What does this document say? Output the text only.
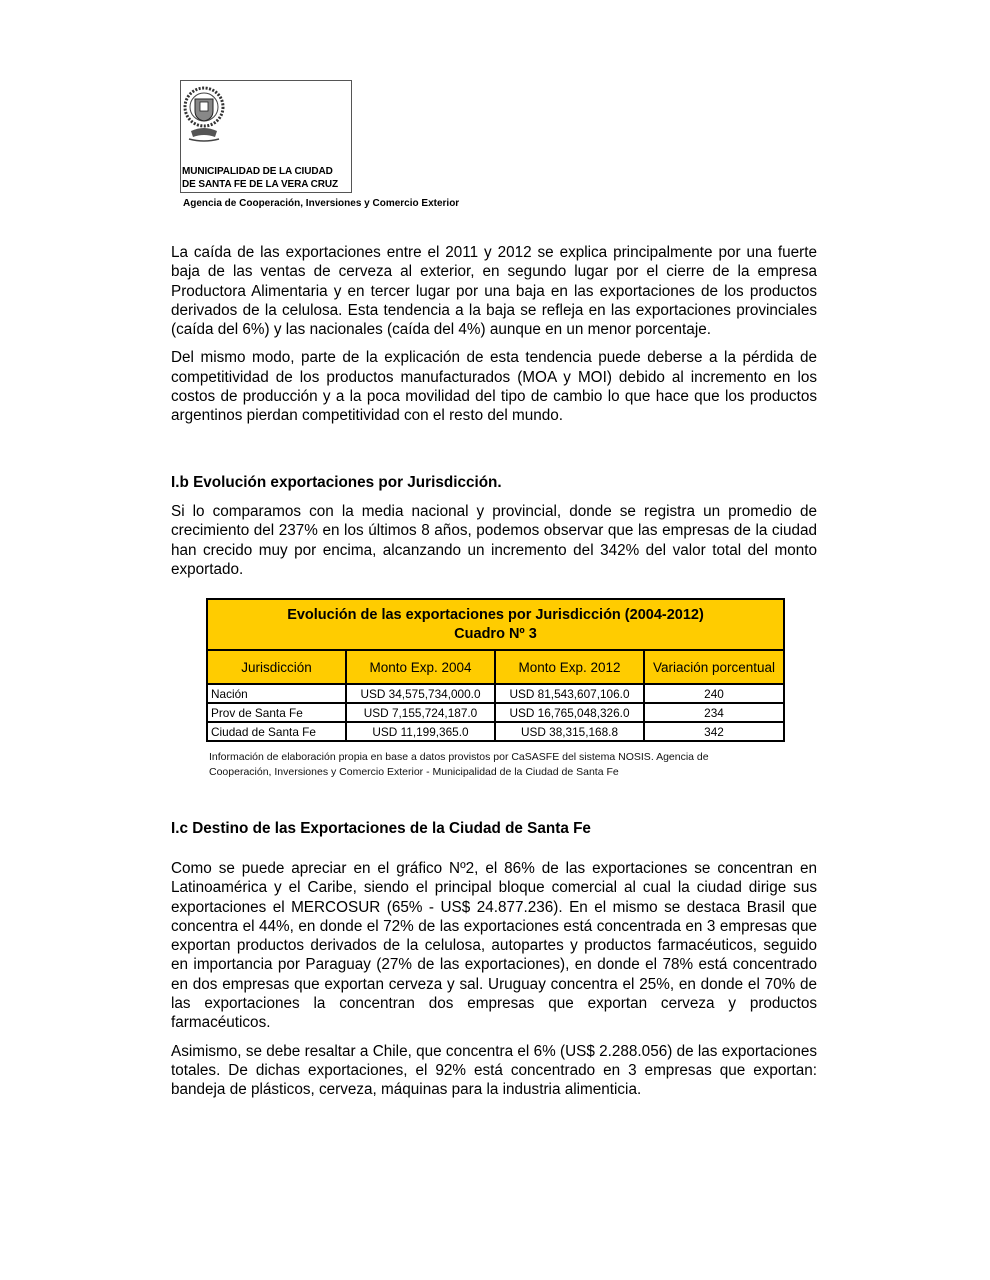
MUNICIPALIDAD DE LA CIUDAD
DE SANTA FE DE LA VERA CRUZ
Agencia de Cooperación, Inversiones y Comercio Exterior

La caída de las exportaciones entre el 2011 y 2012 se explica principalmente por una fuerte baja de las ventas de cerveza al exterior, en segundo lugar por el cierre de la empresa Productora Alimentaria y en tercer lugar por una baja en las exportaciones de los productos derivados de la celulosa. Esta tendencia a la baja se refleja en las exportaciones provinciales (caída del 6%) y las nacionales (caída del 4%) aunque en un menor porcentaje.

Del mismo modo, parte de la explicación de esta tendencia puede deberse a la pérdida de competitividad de los productos manufacturados (MOA y MOI) debido al incremento en los costos de producción y a la poca movilidad del tipo de cambio lo que hace que los productos argentinos pierdan competitividad con el resto del mundo.

I.b Evolución exportaciones por Jurisdicción.

Si lo comparamos con la media nacional y provincial, donde se registra un promedio de crecimiento del 237% en los últimos 8 años, podemos observar que las empresas de la ciudad han crecido muy por encima, alcanzando un incremento del 342% del valor total del monto exportado.

Evolución de las exportaciones por Jurisdicción (2004-2012)
Cuadro Nº 3			

Jurisdicción	Monto Exp. 2004	Monto Exp. 2012	Variación porcentual
Nación	USD 34,575,734,000.0	USD 81,543,607,106.0	240
Prov de Santa Fe	USD 7,155,724,187.0	USD 16,765,048,326.0	234
Ciudad de Santa Fe	USD 11,199,365.0	USD 38,315,168.8	342
Información de elaboración propia en base a datos provistos por CaSASFE del sistema NOSIS. Agencia de Cooperación, Inversiones y Comercio Exterior - Municipalidad de la Ciudad de Santa Fe
I.c Destino de las Exportaciones de la Ciudad de Santa Fe

Como se puede apreciar en el gráfico Nº2, el 86% de las exportaciones se concentran en Latinoamérica y el Caribe, siendo el principal bloque comercial al cual la ciudad dirige sus exportaciones el MERCOSUR (65% - US$ 24.877.236). En el mismo se destaca Brasil que concentra el 44%, en donde el 72% de las exportaciones está concentrada en 3 empresas que exportan productos derivados de la celulosa, autopartes y productos farmacéuticos, seguido en importancia por Paraguay (27% de las exportaciones), en donde el 78% está concentrado en dos empresas que exportan cerveza y sal. Uruguay concentra el 25%, en donde el 70% de las exportaciones la concentran dos empresas que exportan cerveza y productos farmacéuticos.

Asimismo, se debe resaltar a Chile, que concentra el 6% (US$ 2.288.056) de las exportaciones totales. De dichas exportaciones, el 92% está concentrado en 3 empresas que exportan: bandeja de plásticos, cerveza, máquinas para la industria alimenticia.
